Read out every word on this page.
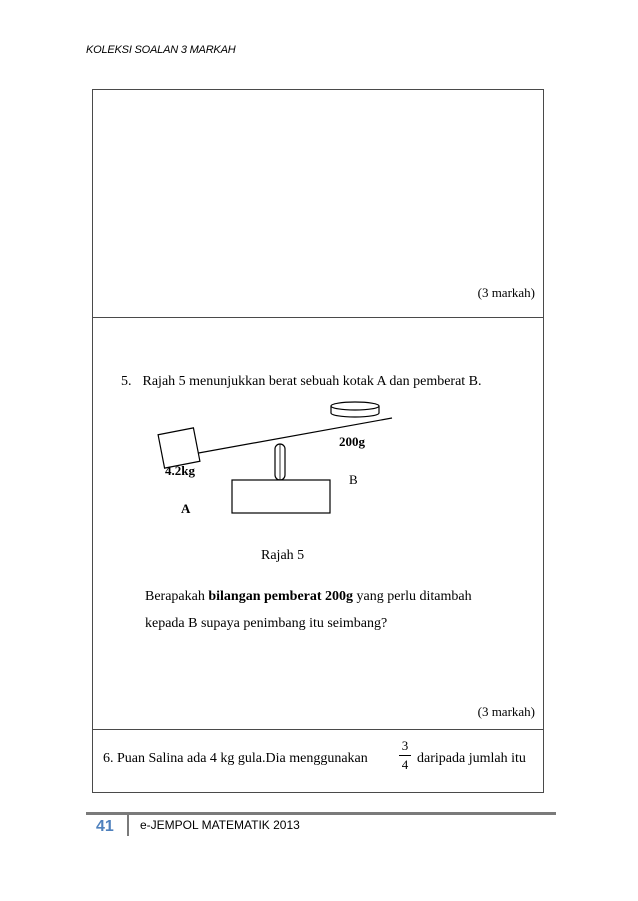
KOLEKSI SOALAN 3 MARKAH
(3 markah)
5. Rajah 5 menunjukkan berat sebuah kotak A dan pemberat B.
200g
B
4.2kg
A
Rajah 5
Berapakah bilangan pemberat 200g yang perlu ditambah
kepada B supaya penimbang itu seimbang?
(3 markah)
6. Puan Salina ada 4 kg gula.Dia menggunakan
3
4 daripada jumlah itu
41 e-JEMPOL MATEMATIK 2013
